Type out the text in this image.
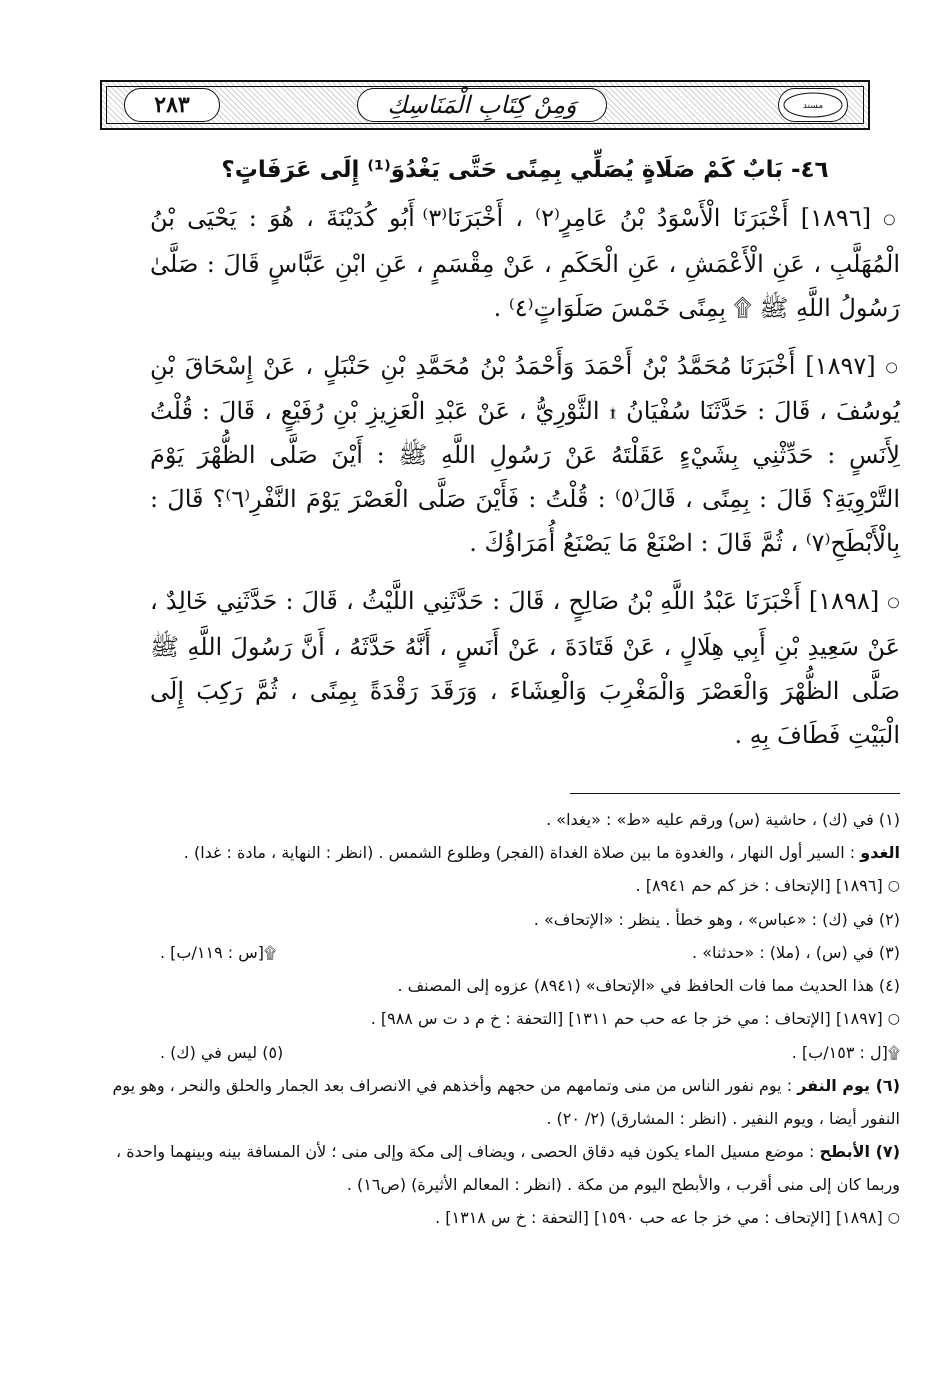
٢٨٣	وَمِنْ كِتَابِ الْمَنَاسِكِ	مسند
٤٦- بَابٌ كَمْ صَلَاةٍ يُصَلِّي بِمِنًى حَتَّى يَغْدُوَ⁽¹⁾ إِلَى عَرَفَاتٍ؟

○ [١٨٩٦] أَخْبَرَنَا الْأَسْوَدُ بْنُ عَامِرٍ⁽٢⁾ ، أَخْبَرَنَا⁽٣⁾ أَبُو كُدَيْنَةَ ، هُوَ : يَحْيَى بْنُ الْمُهَلَّبِ ، عَنِ الْأَعْمَشِ ، عَنِ الْحَكَمِ ، عَنْ مِقْسَمٍ ، عَنِ ابْنِ عَبَّاسٍ قَالَ : صَلَّىٰ رَسُولُ اللَّهِ ﷺ ۩ بِمِنًى خَمْسَ صَلَوَاتٍ⁽٤⁾ .

○ [١٨٩٧] أَخْبَرَنَا مُحَمَّدُ بْنُ أَحْمَدَ وَأَحْمَدُ بْنُ مُحَمَّدِ بْنِ حَنْبَلٍ ، عَنْ إِسْحَاقَ بْنِ يُوسُفَ ، قَالَ : حَدَّثَنَا سُفْيَانُ ۩ الثَّوْرِيُّ ، عَنْ عَبْدِ الْعَزِيزِ بْنِ رُفَيْعٍ ، قَالَ : قُلْتُ لِأَنَسٍ : حَدِّثْنِي بِشَيْءٍ عَقَلْتَهُ عَنْ رَسُولِ اللَّهِ ﷺ : أَيْنَ صَلَّى الظُّهْرَ يَوْمَ التَّرْوِيَةِ؟ قَالَ : بِمِنًى ، قَالَ⁽٥⁾ : قُلْتُ : فَأَيْنَ صَلَّى الْعَصْرَ يَوْمَ النَّفْرِ⁽٦⁾؟ قَالَ : بِالْأَبْطَحِ⁽٧⁾ ، ثُمَّ قَالَ : اصْنَعْ مَا يَصْنَعُ أُمَرَاؤُكَ .

○ [١٨٩٨] أَخْبَرَنَا عَبْدُ اللَّهِ بْنُ صَالِحٍ ، قَالَ : حَدَّثَنِي اللَّيْثُ ، قَالَ : حَدَّثَنِي خَالِدٌ ، عَنْ سَعِيدِ بْنِ أَبِي هِلَالٍ ، عَنْ قَتَادَةَ ، عَنْ أَنَسٍ ، أَنَّهُ حَدَّثَهُ ، أَنَّ رَسُولَ اللَّهِ ﷺ صَلَّى الظُّهْرَ وَالْعَصْرَ وَالْمَغْرِبَ وَالْعِشَاءَ ، وَرَقَدَ رَقْدَةً بِمِنًى ، ثُمَّ رَكِبَ إِلَى الْبَيْتِ فَطَافَ بِهِ .

(١) في (ك) ، حاشية (س) ورقم عليه «ط» : «يغدا» .

الغدو : السير أول النهار ، والغدوة ما بين صلاة الغداة (الفجر) وطلوع الشمس . (انظر : النهاية ، مادة : غدا) .

○ [١٨٩٦] [الإتحاف : خز كم حم ٨٩٤١] .

(٢) في (ك) : «عباس» ، وهو خطأ . ينظر : «الإتحاف» .

(٣) في (س) ، (ملا) : «حدثنا» .
۩[س : ١١٩/ب] .

(٤) هذا الحديث مما فات الحافظ في «الإتحاف» (٨٩٤١) عزوه إلى المصنف .

○ [١٨٩٧] [الإتحاف : مي خز جا عه حب حم ١٣١١] [التحفة : خ م د ت س ٩٨٨] .

۩[ل : ١٥٣/ب] .
(٥) ليس في (ك) .

(٦) يوم النفر : يوم نفور الناس من منى وتمامهم من حجهم وأخذهم في الانصراف بعد الجمار والحلق والنحر ، وهو يوم النفور أيضا ، ويوم النفير . (انظر : المشارق) (٢/ ٢٠) .

(٧) الأبطح : موضع مسيل الماء يكون فيه دقاق الحصى ، ويضاف إلى مكة وإلى منى ؛ لأن المسافة بينه وبينهما واحدة ، وربما كان إلى منى أقرب ، والأبطح اليوم من مكة . (انظر : المعالم الأثيرة) (ص١٦) .

○ [١٨٩٨] [الإتحاف : مي خز جا عه حب ١٥٩٠] [التحفة : خ س ١٣١٨] .
